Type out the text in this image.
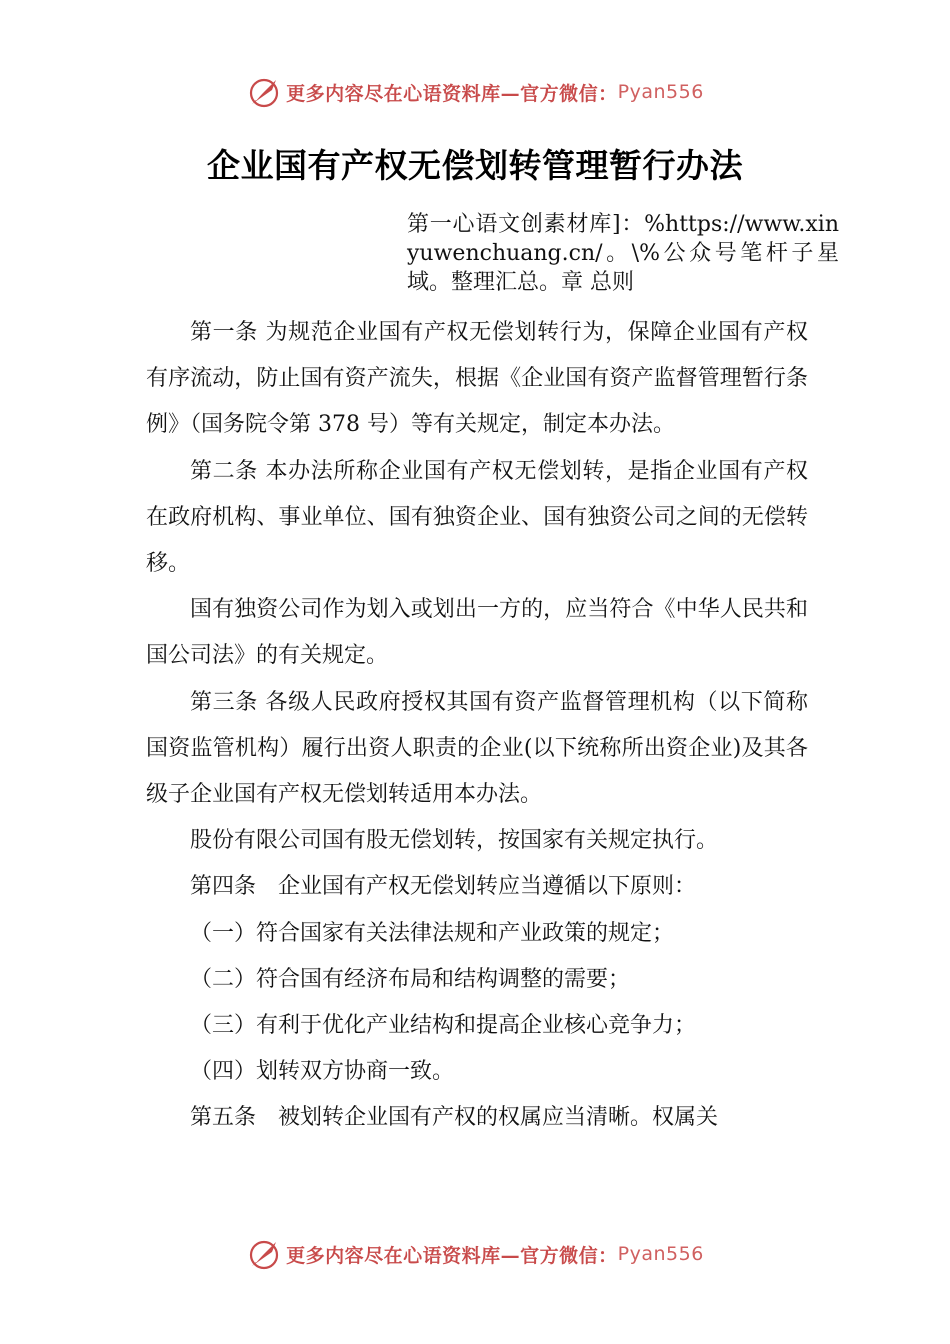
更多内容尽在心语资料库—官方微信： Pyan556
企业国有产权无偿划转管理暂行办法
第一心语文创素材库]：%https://www.xinyuwenchuang.cn/。\%公众号笔杆子星域。整理汇总。章 总则

第一条 为规范企业国有产权无偿划转行为，保障企业国有产权有序流动，防止国有资产流失，根据《企业国有资产监督管理暂行条例》（国务院令第 378 号）等有关规定，制定本办法。

第二条 本办法所称企业国有产权无偿划转，是指企业国有产权在政府机构、事业单位、国有独资企业、国有独资公司之间的无偿转移。

国有独资公司作为划入或划出一方的，应当符合《中华人民共和国公司法》的有关规定。

第三条 各级人民政府授权其国有资产监督管理机构（以下简称国资监管机构）履行出资人职责的企业(以下统称所出资企业)及其各级子企业国有产权无偿划转适用本办法。

股份有限公司国有股无偿划转，按国家有关规定执行。

第四条　企业国有产权无偿划转应当遵循以下原则：

（一）符合国家有关法律法规和产业政策的规定；

（二）符合国有经济布局和结构调整的需要；

（三）有利于优化产业结构和提高企业核心竞争力；

（四）划转双方协商一致。

第五条　被划转企业国有产权的权属应当清晰。权属关

更多内容尽在心语资料库—官方微信： Pyan556
